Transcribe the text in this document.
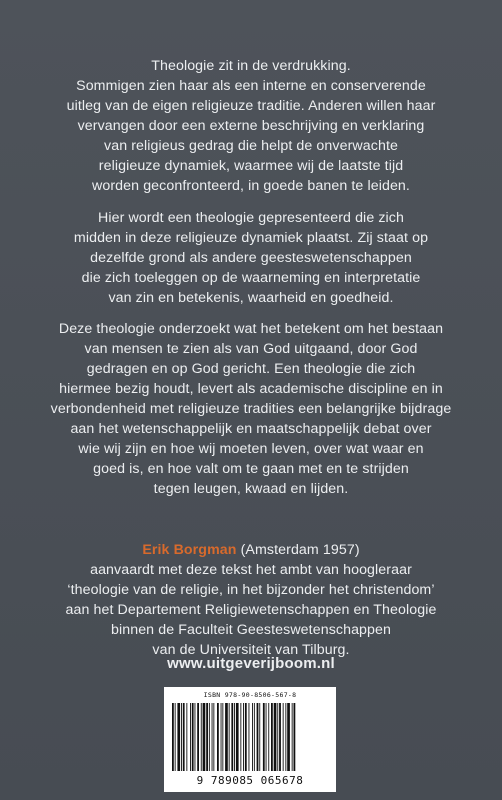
Theologie zit in de verdrukking.
Sommigen zien haar als een interne en conserverende
uitleg van de eigen religieuze traditie. Anderen willen haar
vervangen door een externe beschrijving en verklaring
van religieus gedrag die helpt de onverwachte
religieuze dynamiek, waarmee wij de laatste tijd
worden geconfronteerd, in goede banen te leiden.
Hier wordt een theologie gepresenteerd die zich
midden in deze religieuze dynamiek plaatst. Zij staat op
dezelfde grond als andere geesteswetenschappen
die zich toeleggen op de waarneming en interpretatie
van zin en betekenis, waarheid en goedheid.
Deze theologie onderzoekt wat het betekent om het bestaan
van mensen te zien als van God uitgaand, door God
gedragen en op God gericht. Een theologie die zich
hiermee bezig houdt, levert als academische discipline en in
verbondenheid met religieuze tradities een belangrijke bijdrage
aan het wetenschappelijk en maatschappelijk debat over
wie wij zijn en hoe wij moeten leven, over wat waar en
goed is, en hoe valt om te gaan met en te strijden
tegen leugen, kwaad en lijden.
Erik Borgman (Amsterdam 1957)
aanvaardt met deze tekst het ambt van hoogleraar
‘theologie van de religie, in het bijzonder het christendom’
aan het Departement Religiewetenschappen en Theologie
binnen de Faculteit Geesteswetenschappen
van de Universiteit van Tilburg.
www.uitgeverijboom.nl
ISBN 978-90-8506-567-8
9 789085 065678
